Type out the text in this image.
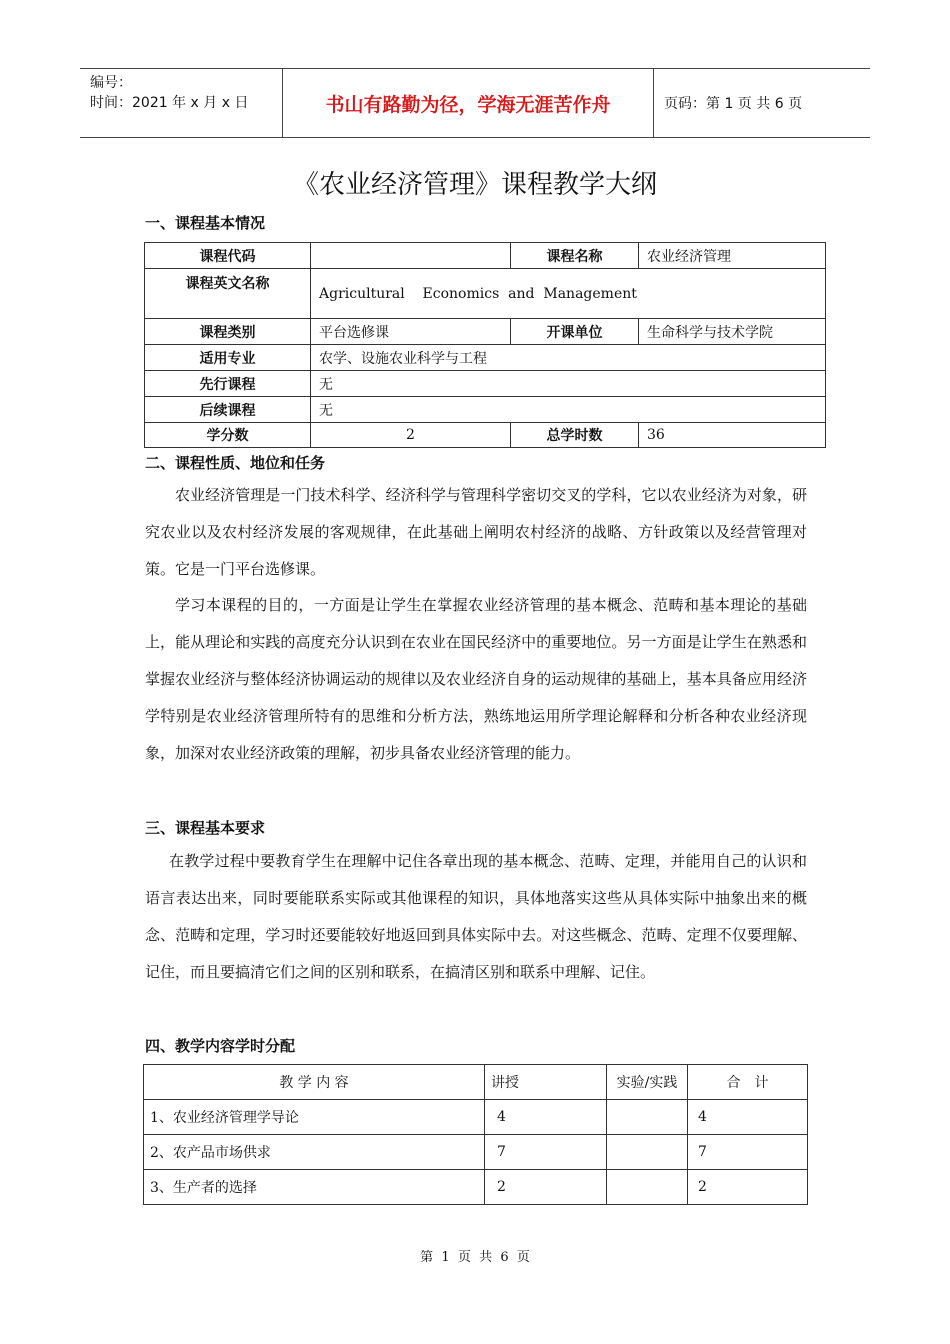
编号：
时间：2021 年 x 月 x 日	书山有路勤为径，学海无涯苦作舟	页码：第 1 页 共 6 页
《农业经济管理》课程教学大纲
一、课程基本情况
课程代码		课程名称	农业经济管理
课程英文名称	Agricultural    Economics  and  Management		
课程类别	平台选修课	开课单位	生命科学与技术学院
适用专业	农学、设施农业科学与工程		
先行课程	无		
后续课程	无		
学分数	2	总学时数	36
二、课程性质、地位和任务

农业经济管理是一门技术科学、经济科学与管理科学密切交叉的学科，它以农业经济为对象，研究农业以及农村经济发展的客观规律，在此基础上阐明农村经济的战略、方针政策以及经营管理对策。它是一门平台选修课。

学习本课程的目的，一方面是让学生在掌握农业经济管理的基本概念、范畴和基本理论的基础上，能从理论和实践的高度充分认识到在农业在国民经济中的重要地位。另一方面是让学生在熟悉和掌握农业经济与整体经济协调运动的规律以及农业经济自身的运动规律的基础上，基本具备应用经济学特别是农业经济管理所特有的思维和分析方法，熟练地运用所学理论解释和分析各种农业经济现象，加深对农业经济政策的理解，初步具备农业经济管理的能力。

三、课程基本要求

在教学过程中要教育学生在理解中记住各章出现的基本概念、范畴、定理，并能用自己的认识和语言表达出来，同时要能联系实际或其他课程的知识，具体地落实这些从具体实际中抽象出来的概念、范畴和定理，学习时还要能较好地返回到具体实际中去。对这些概念、范畴、定理不仅要理解、记住，而且要搞清它们之间的区别和联系，在搞清区别和联系中理解、记住。

四、教学内容学时分配
教 学 内 容	讲授	实验/实践	合　计
1、农业经济管理学导论	4		4
2、农产品市场供求	7		7
3、生产者的选择	2		2
第  1  页  共  6  页
